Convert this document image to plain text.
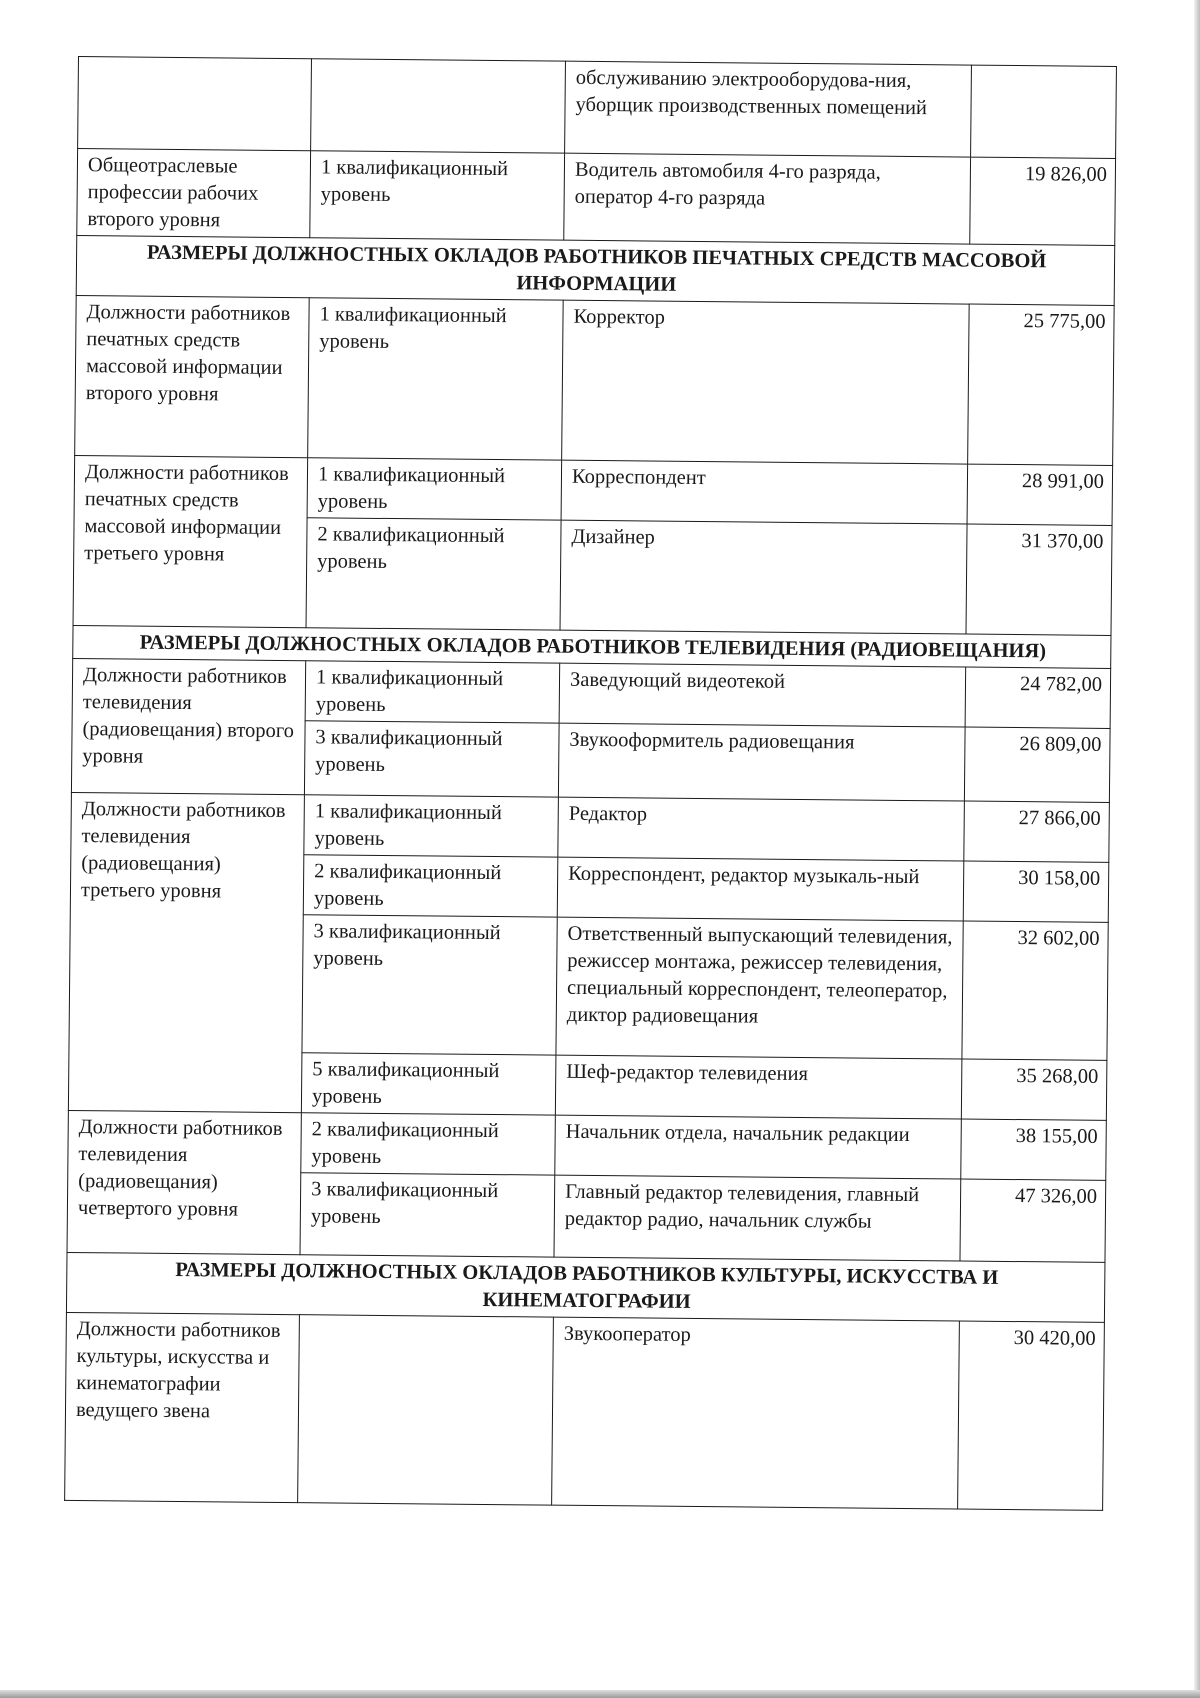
		обслуживанию электрооборудова-ния, уборщик производственных помещений	
Общеотраслевые профессии рабочих второго уровня	1 квалификационный уровень	Водитель автомобиля 4-го разряда, оператор 4-го разряда	19 826,00
РАЗМЕРЫ ДОЛЖНОСТНЫХ ОКЛАДОВ РАБОТНИКОВ ПЕЧАТНЫХ СРЕДСТВ МАССОВОЙ ИНФОРМАЦИИ			
Должности работников печатных средств массовой информации второго уровня	1 квалификационный уровень	Корректор	25 775,00
Должности работников печатных средств массовой информации третьего уровня	1 квалификационный уровень	Корреспондент	28 991,00
	2 квалификационный уровень	Дизайнер	31 370,00
РАЗМЕРЫ ДОЛЖНОСТНЫХ ОКЛАДОВ РАБОТНИКОВ ТЕЛЕВИДЕНИЯ (РАДИОВЕЩАНИЯ)			
Должности работников телевидения (радиовещания) второго уровня	1 квалификационный уровень	Заведующий видеотекой	24 782,00
	3 квалификационный уровень	Звукооформитель радиовещания	26 809,00
Должности работников телевидения (радиовещания) третьего уровня	1 квалификационный уровень	Редактор	27 866,00
	2 квалификационный уровень	Корреспондент, редактор музыкаль-ный	30 158,00
	3 квалификационный уровень	Ответственный выпускающий телевидения, режиссер монтажа, режиссер телевидения, специальный корреспондент, телеоператор, диктор радиовещания	32 602,00
	5 квалификационный уровень	Шеф-редактор телевидения	35 268,00
Должности работников телевидения (радиовещания) четвертого уровня	2 квалификационный уровень	Начальник отдела, начальник редакции	38 155,00
	3 квалификационный уровень	Главный редактор телевидения, главный редактор радио, начальник службы	47 326,00
РАЗМЕРЫ ДОЛЖНОСТНЫХ ОКЛАДОВ РАБОТНИКОВ КУЛЬТУРЫ, ИСКУССТВА И КИНЕМАТОГРАФИИ			
Должности работников культуры, искусства и кинематографии ведущего звена		Звукооператор	30 420,00
